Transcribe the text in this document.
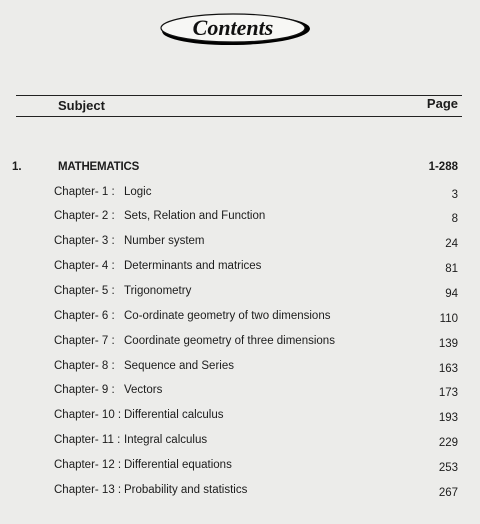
Contents
Subject	Page
1.	MATHEMATICS	1-288
Chapter- 1 : Logic	3
Chapter- 2 : Sets, Relation and Function	8
Chapter- 3 : Number system	24
Chapter- 4 : Determinants and matrices	81
Chapter- 5 : Trigonometry	94
Chapter- 6 : Co-ordinate geometry of two dimensions	110
Chapter- 7 : Coordinate geometry of three dimensions	139
Chapter- 8 : Sequence and Series	163
Chapter- 9 : Vectors	173
Chapter- 10 : Differential calculus	193
Chapter- 11 : Integral calculus	229
Chapter- 12 : Differential equations	253
Chapter- 13 : Probability and statistics	267
